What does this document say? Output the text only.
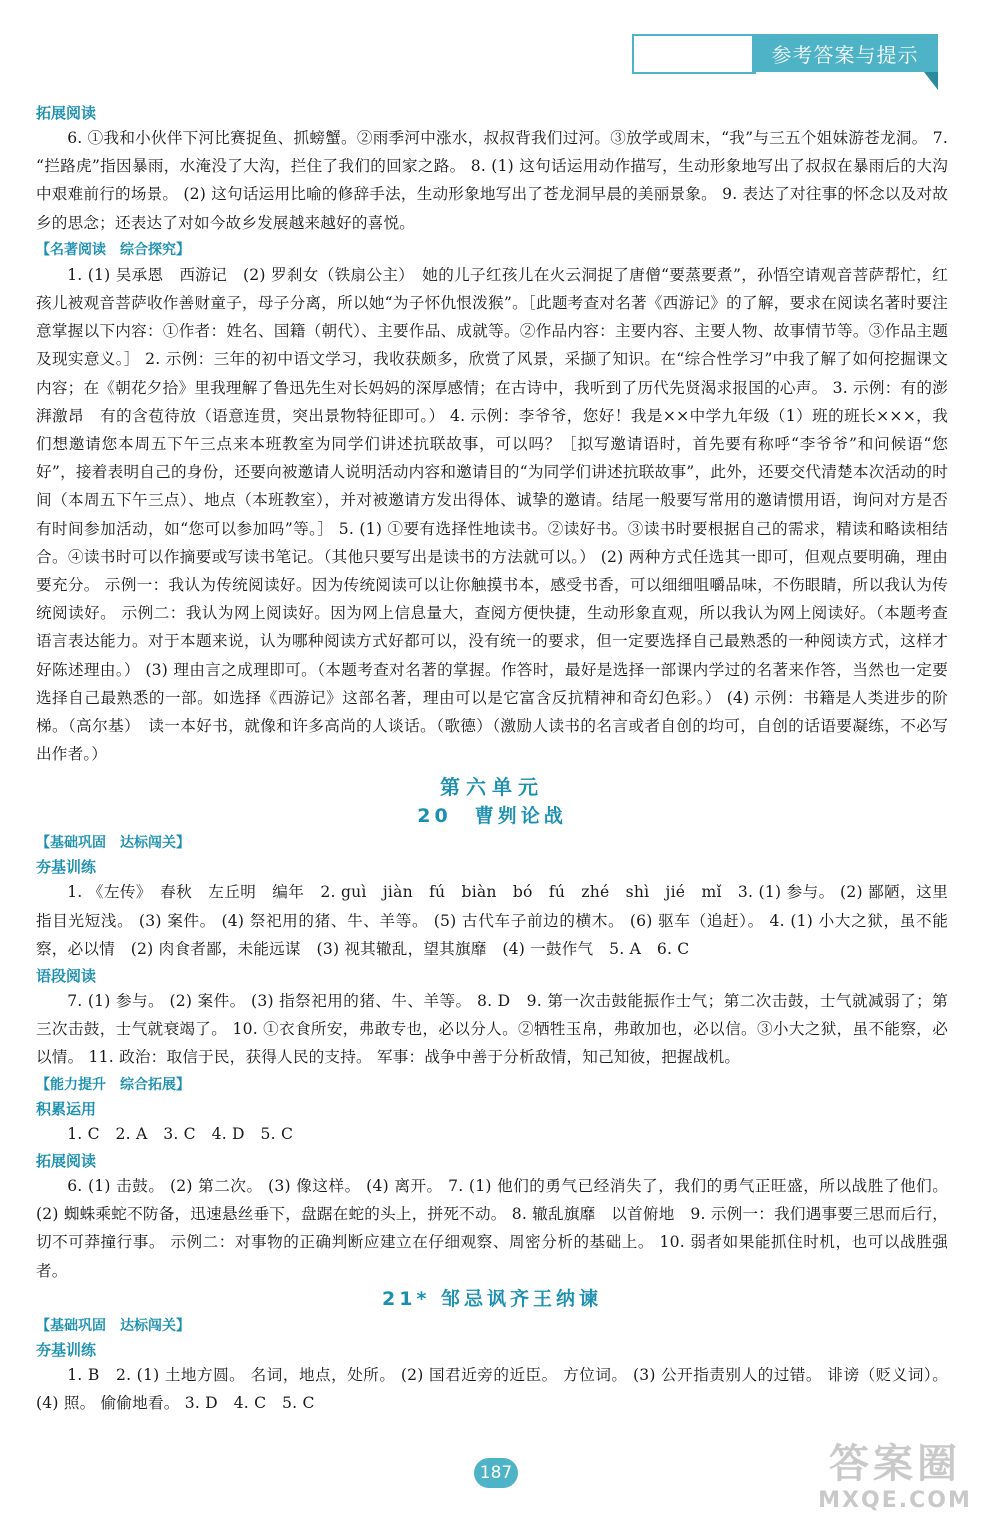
参考答案与提示
拓展阅读
6. ①我和小伙伴下河比赛捉鱼、抓螃蟹。②雨季河中涨水，叔叔背我们过河。③放学或周末，“我”与三五个姐妹游苍龙洞。 7. “拦路虎”指因暴雨，水淹没了大沟，拦住了我们的回家之路。 8. (1) 这句话运用动作描写，生动形象地写出了叔叔在暴雨后的大沟中艰难前行的场景。 (2) 这句话运用比喻的修辞手法，生动形象地写出了苍龙洞早晨的美丽景象。 9. 表达了对往事的怀念以及对故乡的思念；还表达了对如今故乡发展越来越好的喜悦。
【名著阅读　综合探究】
1. (1) 吴承恩　西游记　(2) 罗刹女（铁扇公主）　她的儿子红孩儿在火云洞捉了唐僧“要蒸要煮”，孙悟空请观音菩萨帮忙，红孩儿被观音菩萨收作善财童子，母子分离，所以她“为子怀仇恨泼猴”。［此题考查对名著《西游记》的了解，要求在阅读名著时要注意掌握以下内容：①作者：姓名、国籍（朝代）、主要作品、成就等。②作品内容：主要内容、主要人物、故事情节等。③作品主题及现实意义。］ 2. 示例：三年的初中语文学习，我收获颇多，欣赏了风景，采撷了知识。在“综合性学习”中我了解了如何挖掘课文内容；在《朝花夕拾》里我理解了鲁迅先生对长妈妈的深厚感情；在古诗中，我听到了历代先贤渴求报国的心声。 3. 示例：有的澎湃激昂　有的含苞待放（语意连贯，突出景物特征即可。） 4. 示例：李爷爷，您好！我是××中学九年级（1）班的班长×××，我们想邀请您本周五下午三点来本班教室为同学们讲述抗联故事，可以吗？［拟写邀请语时，首先要有称呼“李爷爷”和问候语“您好”，接着表明自己的身份，还要向被邀请人说明活动内容和邀请目的“为同学们讲述抗联故事”，此外，还要交代清楚本次活动的时间（本周五下午三点）、地点（本班教室），并对被邀请方发出得体、诚挚的邀请。结尾一般要写常用的邀请惯用语，询问对方是否有时间参加活动，如“您可以参加吗”等。］ 5. (1) ①要有选择性地读书。②读好书。③读书时要根据自己的需求，精读和略读相结合。④读书时可以作摘要或写读书笔记。（其他只要写出是读书的方法就可以。） (2) 两种方式任选其一即可，但观点要明确，理由要充分。 示例一：我认为传统阅读好。因为传统阅读可以让你触摸书本，感受书香，可以细细咀嚼品味，不伤眼睛，所以我认为传统阅读好。 示例二：我认为网上阅读好。因为网上信息量大，查阅方便快捷，生动形象直观，所以我认为网上阅读好。（本题考查语言表达能力。对于本题来说，认为哪种阅读方式好都可以，没有统一的要求，但一定要选择自己最熟悉的一种阅读方式，这样才好陈述理由。） (3) 理由言之成理即可。（本题考查对名著的掌握。作答时，最好是选择一部课内学过的名著来作答，当然也一定要选择自己最熟悉的一部。如选择《西游记》这部名著，理由可以是它富含反抗精神和奇幻色彩。） (4) 示例：书籍是人类进步的阶梯。（高尔基）　读一本好书，就像和许多高尚的人谈话。（歌德）（激励人读书的名言或者自创的均可，自创的话语要凝练，不必写出作者。）
第六单元
20　曹刿论战
【基础巩固　达标闯关】
夯基训练
1. 《左传》　春秋　左丘明　编年　2. guì　jiàn　fú　biàn　bó　fú　zhé　shì　jié　mǐ　3. (1) 参与。 (2) 鄙陋，这里指目光短浅。 (3) 案件。 (4) 祭祀用的猪、牛、羊等。 (5) 古代车子前边的横木。 (6) 驱车（追赶）。 4. (1) 小大之狱，虽不能察，必以情　(2) 肉食者鄙，未能远谋　(3) 视其辙乱，望其旗靡　(4) 一鼓作气　5. A　6. C
语段阅读
7. (1) 参与。 (2) 案件。 (3) 指祭祀用的猪、牛、羊等。 8. D　9. 第一次击鼓能振作士气；第二次击鼓，士气就减弱了；第三次击鼓，士气就衰竭了。 10. ①衣食所安，弗敢专也，必以分人。②牺牲玉帛，弗敢加也，必以信。③小大之狱，虽不能察，必以情。 11. 政治：取信于民，获得人民的支持。 军事：战争中善于分析敌情，知己知彼，把握战机。
【能力提升　综合拓展】
积累运用
1. C　2. A　3. C　4. D　5. C
拓展阅读
6. (1) 击鼓。 (2) 第二次。 (3) 像这样。 (4) 离开。 7. (1) 他们的勇气已经消失了，我们的勇气正旺盛，所以战胜了他们。 (2) 蜘蛛乘蛇不防备，迅速悬丝垂下，盘踞在蛇的头上，拼死不动。 8. 辙乱旗靡　以首俯地　9. 示例一：我们遇事要三思而后行，切不可莽撞行事。 示例二：对事物的正确判断应建立在仔细观察、周密分析的基础上。 10. 弱者如果能抓住时机，也可以战胜强者。
21* 邹忌讽齐王纳谏
【基础巩固　达标闯关】
夯基训练
1. B　2. (1) 土地方圆。 名词，地点，处所。 (2) 国君近旁的近臣。 方位词。 (3) 公开指责别人的过错。 诽谤（贬义词）。 (4) 照。 偷偷地看。 3. D　4. C　5. C
187	答案圈
MXQE.COM
